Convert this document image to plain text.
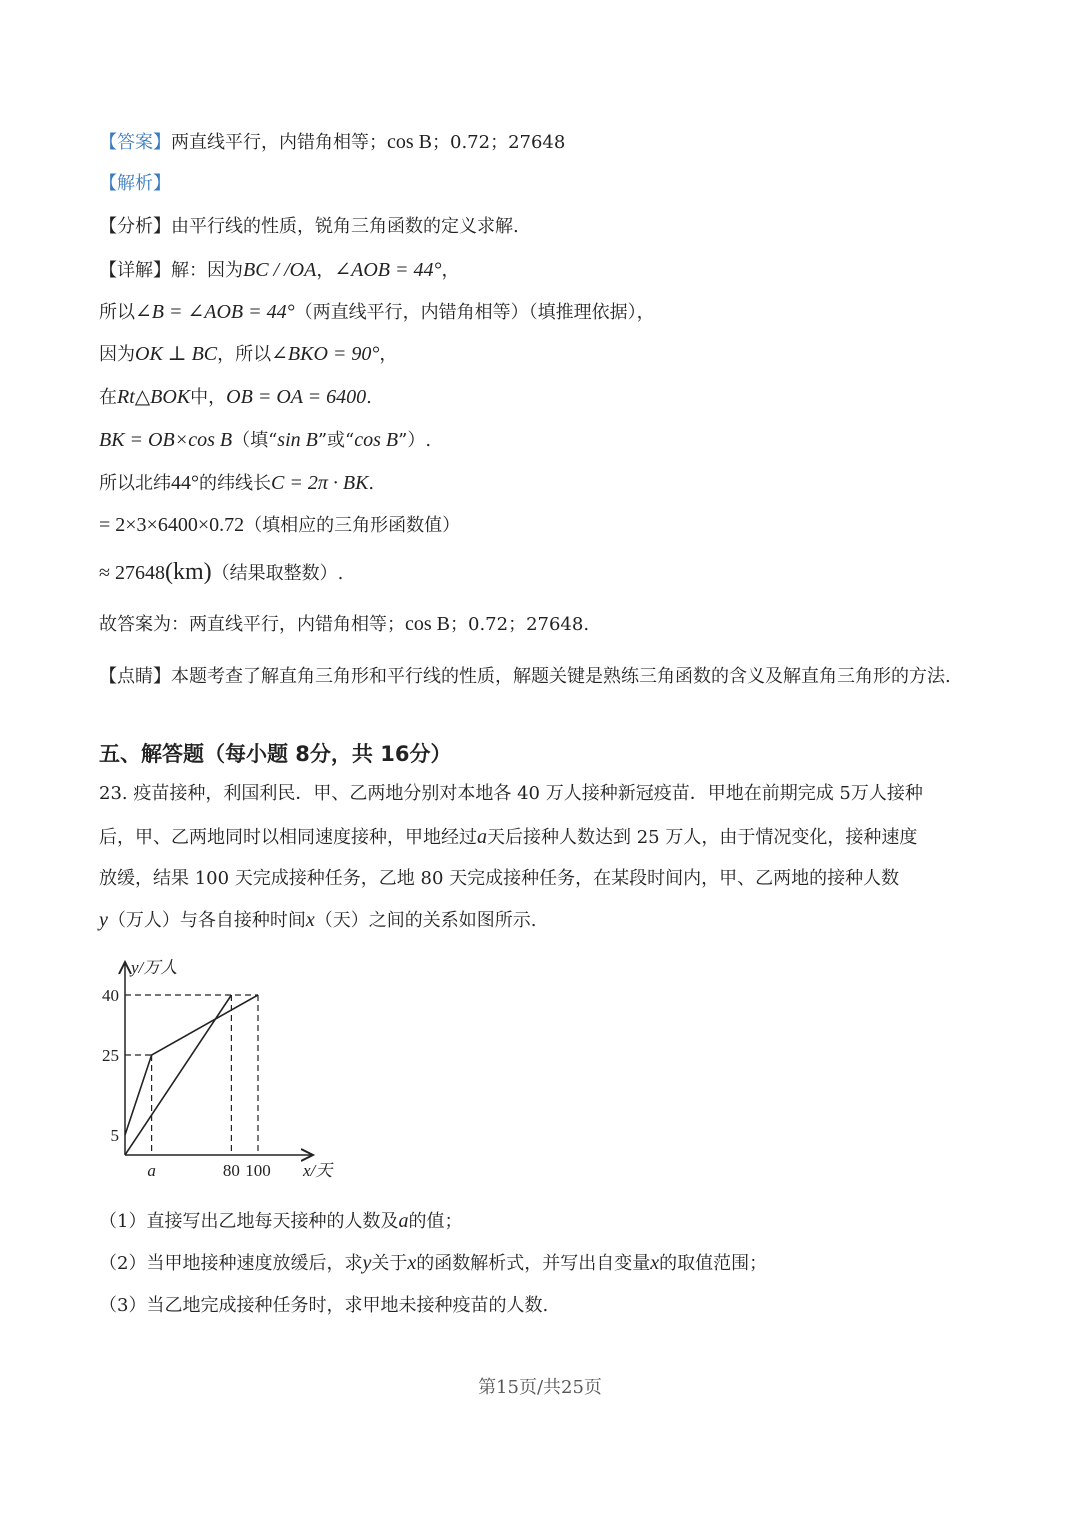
【答案】两直线平行，内错角相等；cos B；0.72；27648
【解析】
【分析】由平行线的性质，锐角三角函数的定义求解.
【详解】解：因为BC / /OA，∠AOB = 44°，
所以∠B = ∠AOB = 44°（两直线平行，内错角相等）（填推理依据），
因为OK ⊥ BC，所以∠BKO = 90°，
在Rt△BOK中，OB = OA = 6400.
BK = OB×cos B（填“sin B”或“cos B”）.
所以北纬44°的纬线长C = 2π · BK.
= 2×3×6400×0.72（填相应的三角形函数值）
≈ 27648(km)（结果取整数）.
故答案为：两直线平行，内错角相等；cos B；0.72；27648.
【点睛】本题考查了解直角三角形和平行线的性质，解题关键是熟练三角函数的含义及解直角三角形的方法.
五、解答题（每小题 8分，共 16分）
23. 疫苗接种，利国利民．甲、乙两地分别对本地各 40 万人接种新冠疫苗．甲地在前期完成 5万人接种
后，甲、乙两地同时以相同速度接种，甲地经过a天后接种人数达到 25 万人，由于情况变化，接种速度
放缓，结果 100 天完成接种任务，乙地 80 天完成接种任务，在某段时间内，甲、乙两地的接种人数
y（万人）与各自接种时间x（天）之间的关系如图所示.
40
25
5
a	80 100
y/万人
x/天
（1）直接写出乙地每天接种的人数及a的值；
（2）当甲地接种速度放缓后，求y关于x的函数解析式，并写出自变量x的取值范围；
（3）当乙地完成接种任务时，求甲地未接种疫苗的人数.
第15页/共25页
